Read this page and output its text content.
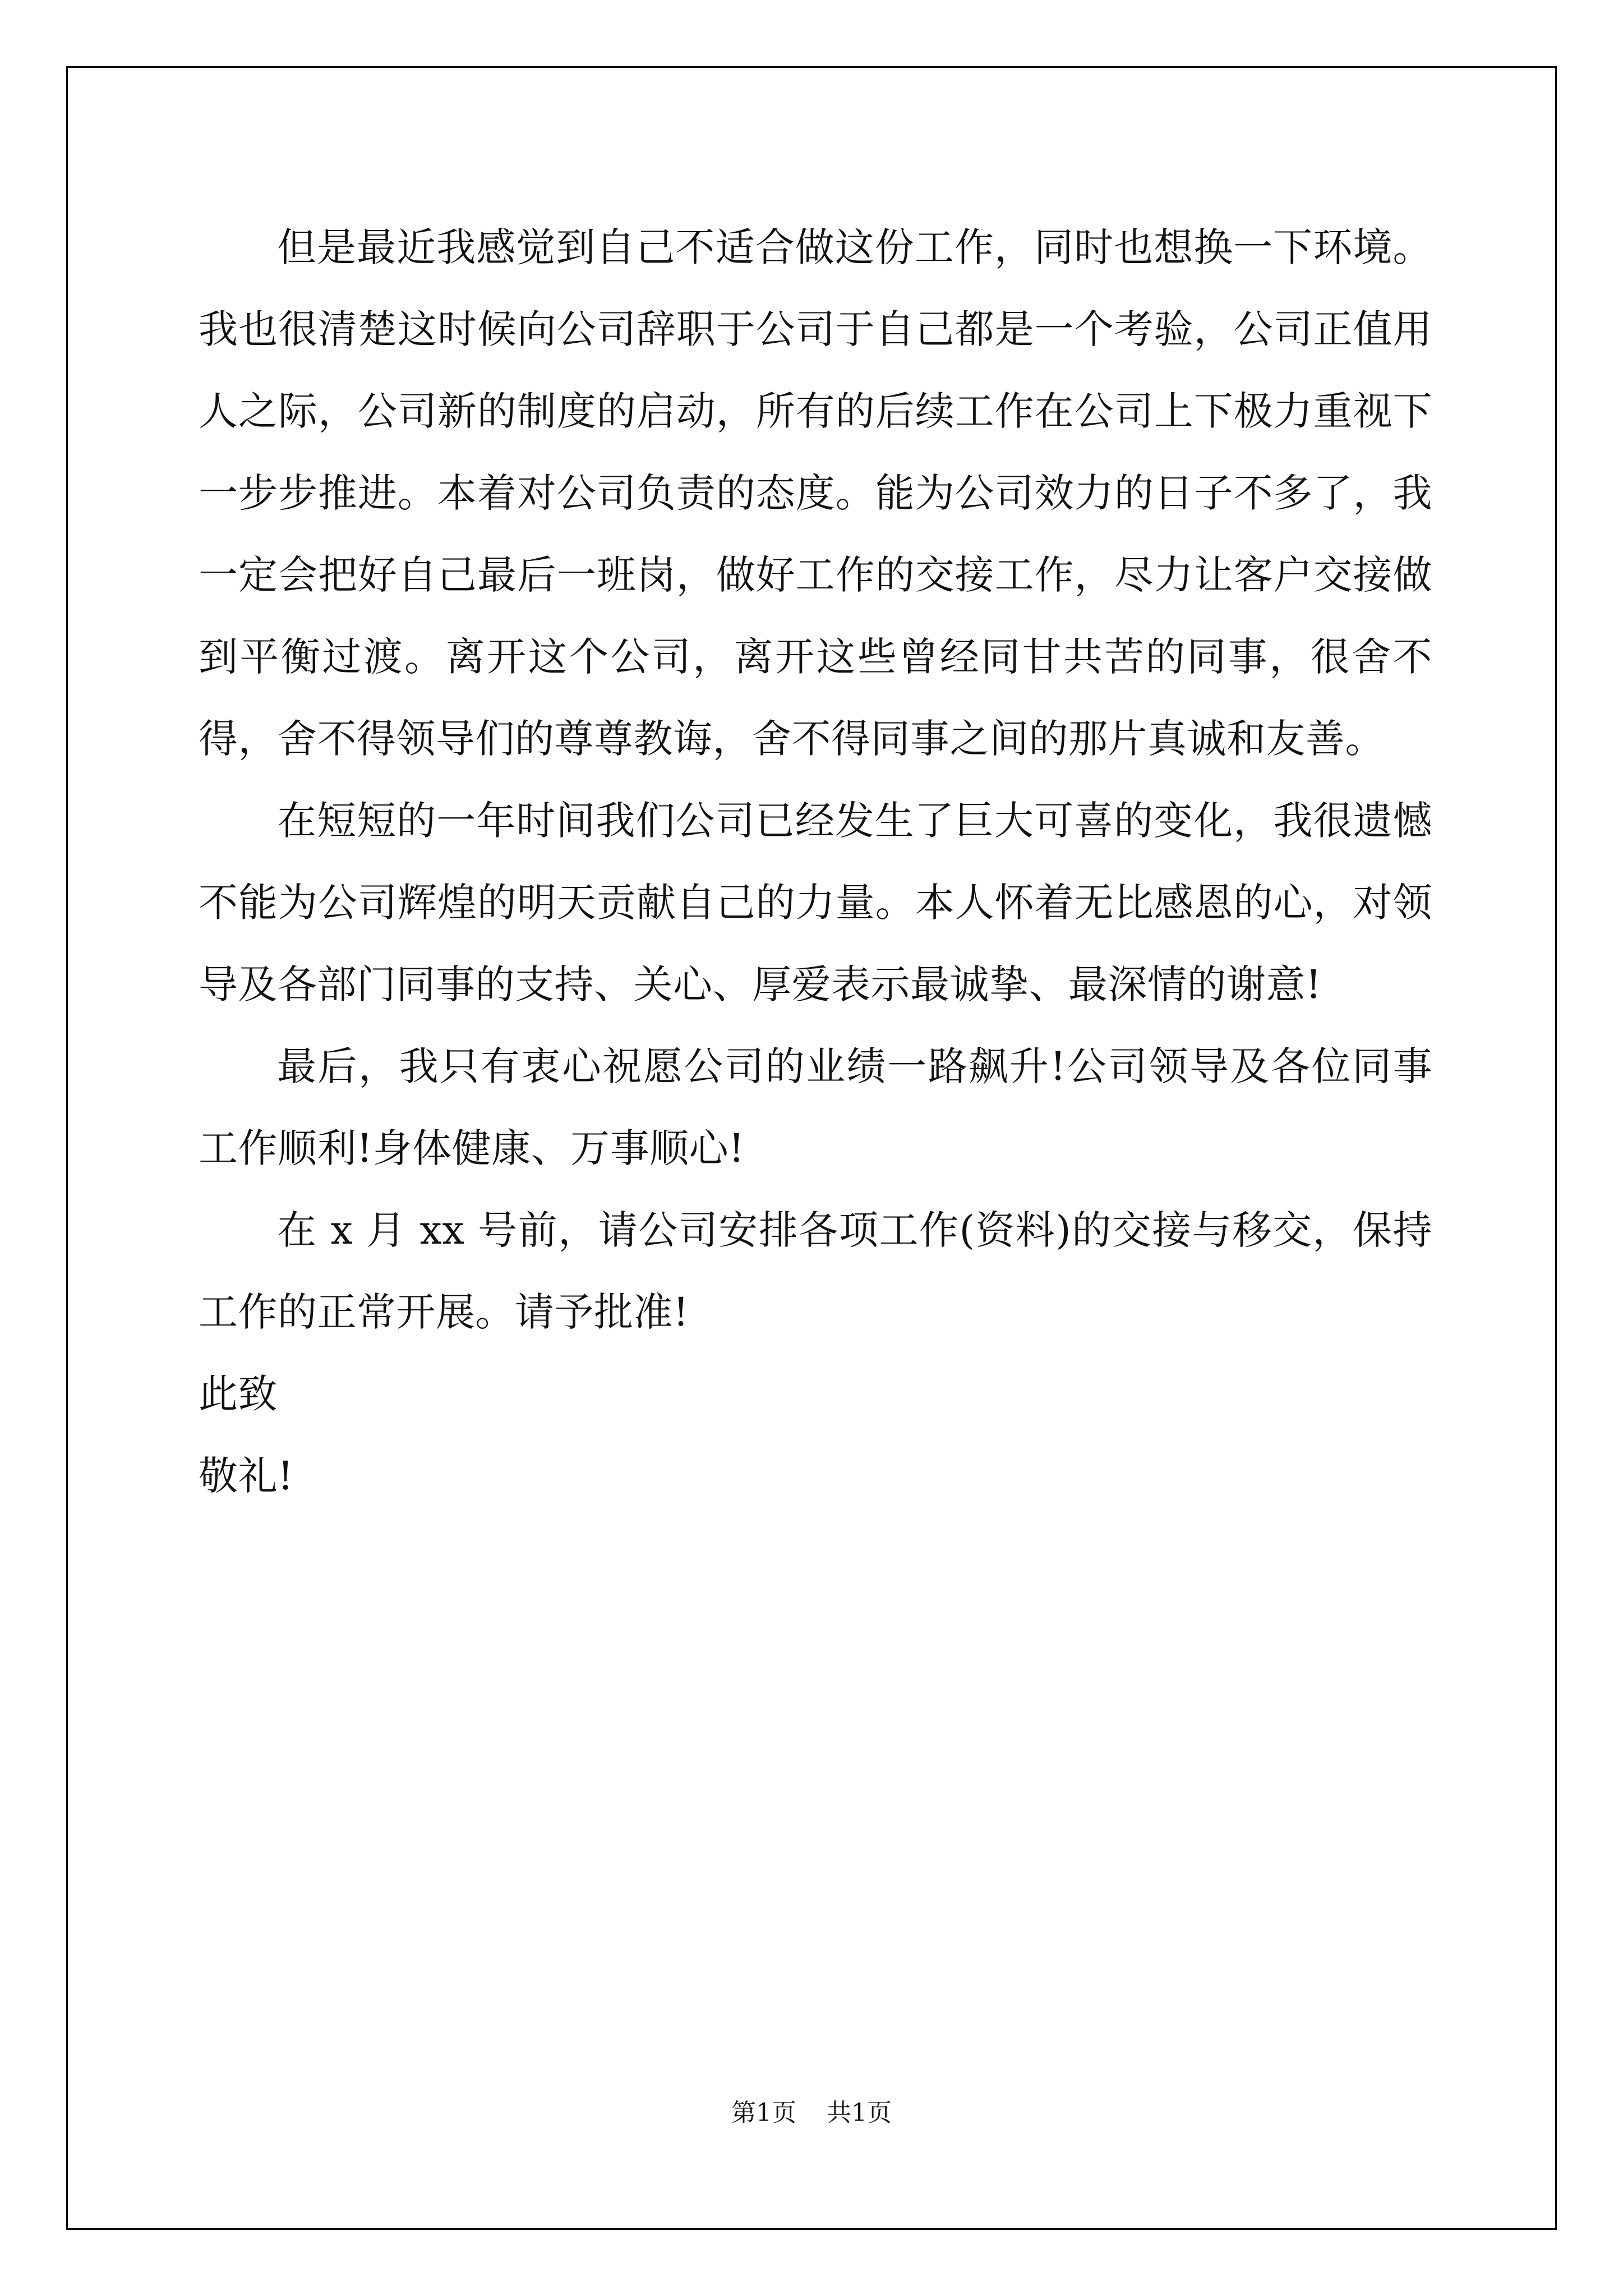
但是最近我感觉到自己不适合做这份工作，同时也想换一下环境。我也很清楚这时候向公司辞职于公司于自己都是一个考验，公司正值用人之际，公司新的制度的启动，所有的后续工作在公司上下极力重视下一步步推进。本着对公司负责的态度。能为公司效力的日子不多了，我一定会把好自己最后一班岗，做好工作的交接工作，尽力让客户交接做到平衡过渡。离开这个公司，离开这些曾经同甘共苦的同事，很舍不得，舍不得领导们的尊尊教诲，舍不得同事之间的那片真诚和友善。

在短短的一年时间我们公司已经发生了巨大可喜的变化，我很遗憾不能为公司辉煌的明天贡献自己的力量。本人怀着无比感恩的心，对领导及各部门同事的支持、关心、厚爱表示最诚挚、最深情的谢意!

最后，我只有衷心祝愿公司的业绩一路飙升!公司领导及各位同事工作顺利!身体健康、万事顺心!

在 x 月 xx 号前，请公司安排各项工作(资料)的交接与移交，保持工作的正常开展。请予批准!

此致

敬礼!

第1页 共1页
